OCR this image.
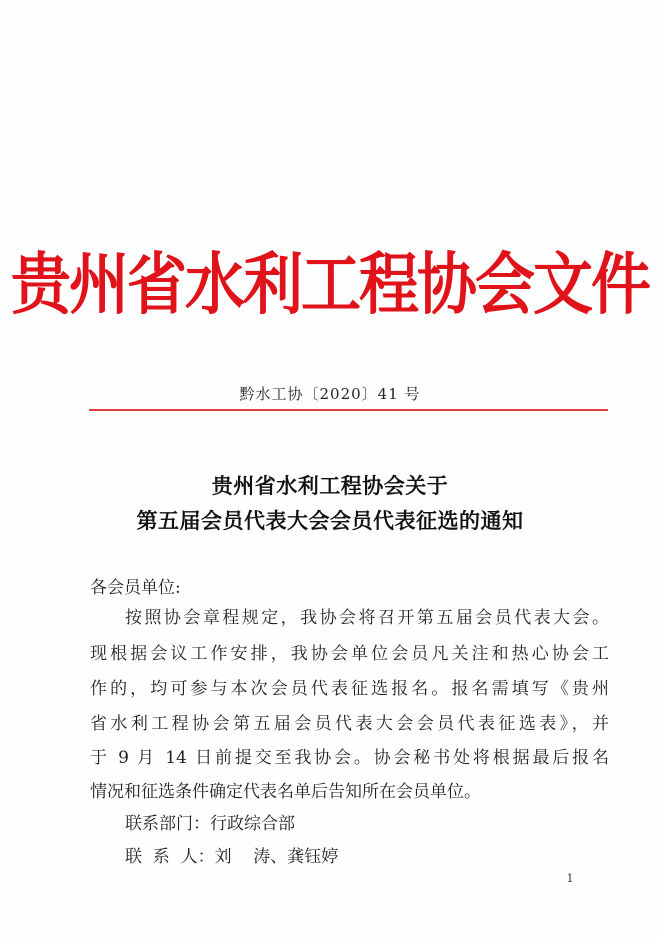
贵州省水利工程协会文件
黔水工协〔2020〕41 号
贵州省水利工程协会关于
第五届会员代表大会会员代表征选的通知
各会员单位:
按照协会章程规定，我协会将召开第五届会员代表大会。
现根据会议工作安排，我协会单位会员凡关注和热心协会工
作的，均可参与本次会员代表征选报名。报名需填写《贵州
省水利工程协会第五届会员代表大会会员代表征选表》，并
于 9 月 14 日前提交至我协会。协会秘书处将根据最后报名
情况和征选条件确定代表名单后告知所在会员单位。
联系部门：行政综合部
联  系  人：刘    涛、龚钰婷
1
